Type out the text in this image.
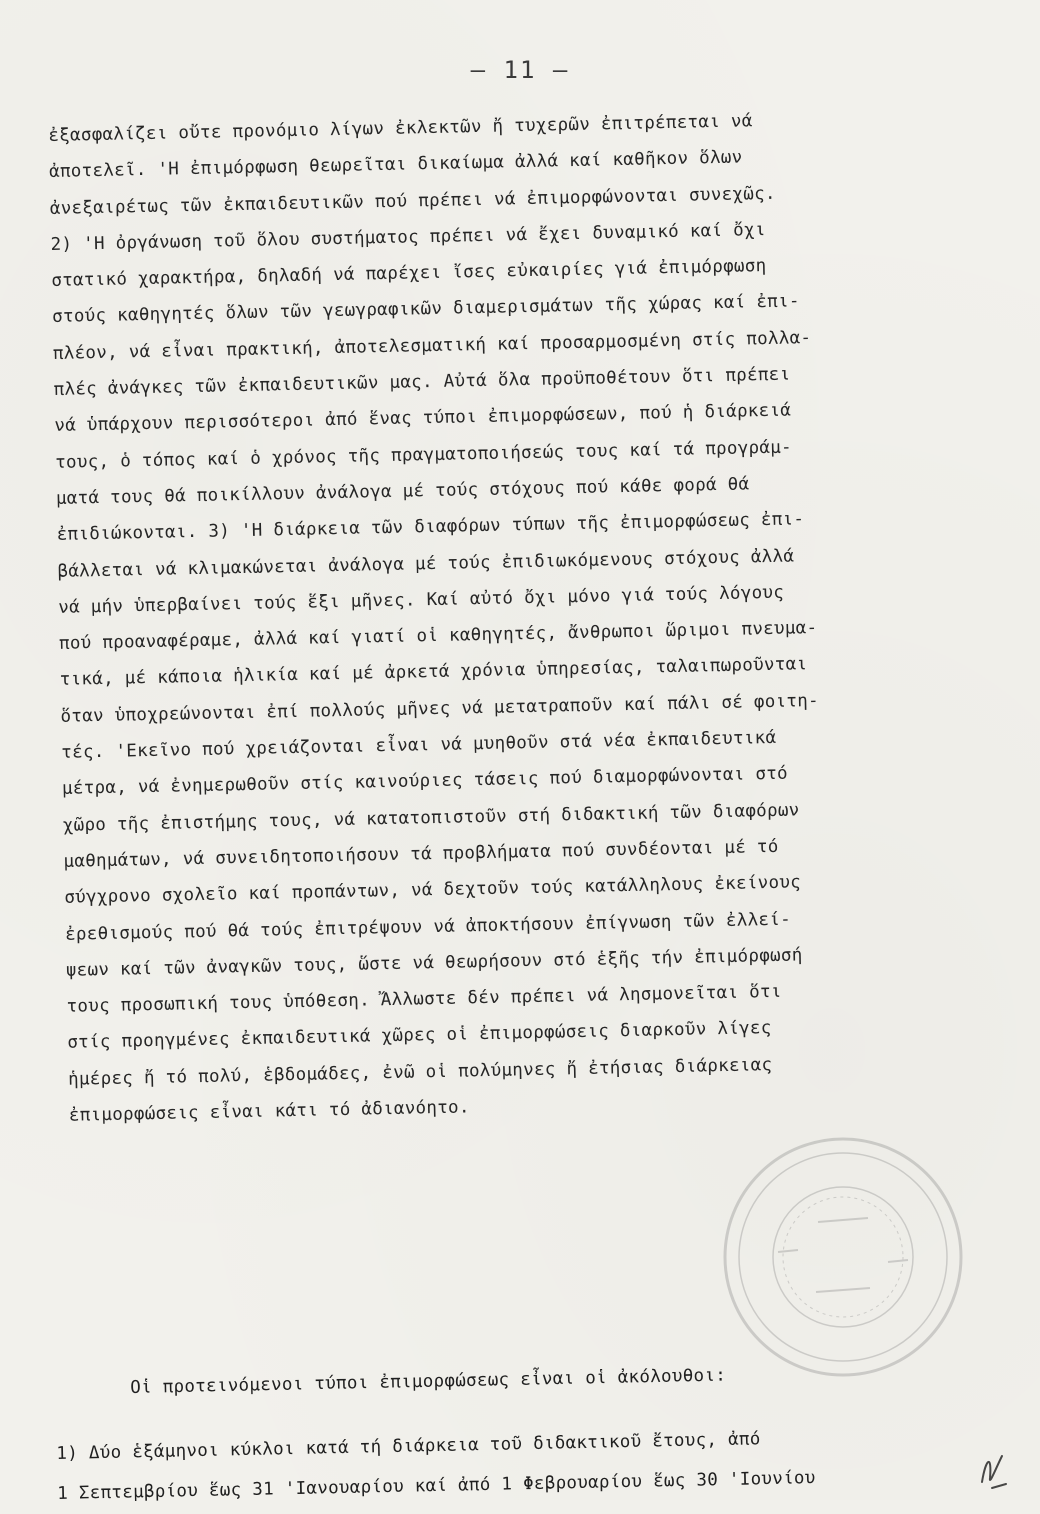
– 11 –
ἐξασφαλίζει οὔτε προνόμιο λίγων ἐκλεκτῶν ἤ τυχερῶν ἐπιτρέπεται νά
ἀποτελεῖ. 'Η ἐπιμόρφωση θεωρεῖται δικαίωμα ἀλλά καί καθῆκον ὅλων
ἀνεξαιρέτως τῶν ἐκπαιδευτικῶν πού πρέπει νά ἐπιμορφώνονται συνεχῶς.
2) 'Η ὀργάνωση τοῦ ὅλου συστήματος πρέπει νά ἔχει δυναμικό καί ὄχι
στατικό χαρακτήρα, δηλαδή νά παρέχει ἴσες εὐκαιρίες γιά ἐπιμόρφωση
στούς καθηγητές ὅλων τῶν γεωγραφικῶν διαμερισμάτων τῆς χώρας καί ἐπι-
πλέον, νά εἶναι πρακτική, ἀποτελεσματική καί προσαρμοσμένη στίς πολλα-
πλές ἀνάγκες τῶν ἐκπαιδευτικῶν μας. Αὐτά ὅλα προϋποθέτουν ὅτι πρέπει
νά ὑπάρχουν περισσότεροι ἀπό ἕνας τύποι ἐπιμορφώσεων, πού ἡ διάρκειά
τους, ὁ τόπος καί ὁ χρόνος τῆς πραγματοποιήσεώς τους καί τά προγράμ-
ματά τους θά ποικίλλουν ἀνάλογα μέ τούς στόχους πού κάθε φορά θά
ἐπιδιώκονται. 3) 'Η διάρκεια τῶν διαφόρων τύπων τῆς ἐπιμορφώσεως ἐπι-
βάλλεται νά κλιμακώνεται ἀνάλογα μέ τούς ἐπιδιωκόμενους στόχους ἀλλά
νά μήν ὑπερβαίνει τούς ἕξι μῆνες. Καί αὐτό ὄχι μόνο γιά τούς λόγους
πού προαναφέραμε, ἀλλά καί γιατί οἱ καθηγητές, ἄνθρωποι ὥριμοι πνευμα-
τικά, μέ κάποια ἡλικία καί μέ ἀρκετά χρόνια ὑπηρεσίας, ταλαιπωροῦνται
ὅταν ὑποχρεώνονται ἐπί πολλούς μῆνες νά μετατραποῦν καί πάλι σέ φοιτη-
τές. 'Εκεῖνο πού χρειάζονται εἶναι νά μυηθοῦν στά νέα ἐκπαιδευτικά
μέτρα, νά ἐνημερωθοῦν στίς καινούριες τάσεις πού διαμορφώνονται στό
χῶρο τῆς ἐπιστήμης τους, νά κατατοπιστοῦν στή διδακτική τῶν διαφόρων
μαθημάτων, νά συνειδητοποιήσουν τά προβλήματα πού συνδέονται μέ τό
σύγχρονο σχολεῖο καί προπάντων, νά δεχτοῦν τούς κατάλληλους ἐκείνους
ἐρεθισμούς πού θά τούς ἐπιτρέψουν νά ἀποκτήσουν ἐπίγνωση τῶν ἐλλεί-
ψεων καί τῶν ἀναγκῶν τους, ὥστε νά θεωρήσουν στό ἑξῆς τήν ἐπιμόρφωσή
τους προσωπική τους ὑπόθεση. Ἄλλωστε δέν πρέπει νά λησμονεῖται ὅτι
στίς προηγμένες ἐκπαιδευτικά χῶρες οἱ ἐπιμορφώσεις διαρκοῦν λίγες
ἡμέρες ἤ τό πολύ, ἑβδομάδες, ἐνῶ οἱ πολύμηνες ἤ ἐτήσιας διάρκειας
ἐπιμορφώσεις εἶναι κάτι τό ἀδιανόητο.
Οἱ προτεινόμενοι τύποι ἐπιμορφώσεως εἶναι οἱ ἀκόλουθοι:
1) Δύο ἑξάμηνοι κύκλοι κατά τή διάρκεια τοῦ διδακτικοῦ ἔτους, ἀπό
1 Σεπτεμβρίου ἕως 31 'Ιανουαρίου καί ἀπό 1 Φεβρουαρίου ἕως 30 'Ιουνίου
